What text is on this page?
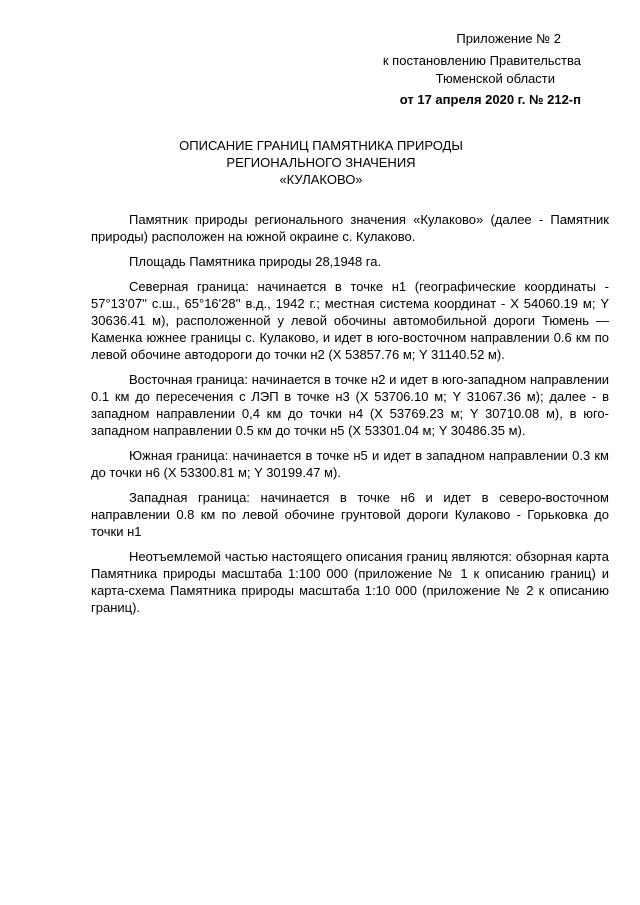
Приложение № 2
к постановлению Правительства
Тюменской области
от 17 апреля 2020 г. № 212-п
ОПИСАНИЕ ГРАНИЦ ПАМЯТНИКА ПРИРОДЫ
РЕГИОНАЛЬНОГО ЗНАЧЕНИЯ
«КУЛАКОВО»

Памятник природы регионального значения «Кулаково» (далее - Памятник природы) расположен на южной окраине с. Кулаково.

Площадь Памятника природы 28,1948 га.

Северная граница: начинается в точке н1 (географические координаты - 57°13'07'' с.ш., 65°16'28'' в.д., 1942 г.; местная система координат - X 54060.19 м; Y 30636.41 м), расположенной у левой обочины автомобильной дороги Тюмень — Каменка южнее границы с. Кулаково, и идет в юго-восточном направлении 0.6 км по левой обочине автодороги до точки н2 (X 53857.76 м; Y 31140.52 м).

Восточная граница: начинается в точке н2 и идет в юго-западном направлении 0.1 км до пересечения с ЛЭП в точке н3 (X 53706.10 м; Y 31067.36 м); далее - в западном направлении 0,4 км до точки н4 (X 53769.23 м; Y 30710.08 м), в юго-западном направлении 0.5 км до точки н5 (X 53301.04 м; Y 30486.35 м).

Южная граница: начинается в точке н5 и идет в западном направлении 0.3 км до точки н6 (X 53300.81 м; Y 30199.47 м).

Западная граница: начинается в точке н6 и идет в северо-восточном направлении 0.8 км по левой обочине грунтовой дороги Кулаково - Горьковка до точки н1

Неотъемлемой частью настоящего описания границ являются: обзорная карта Памятника природы масштаба 1:100 000 (приложение № 1 к описанию границ) и карта-схема Памятника природы масштаба 1:10 000 (приложение № 2 к описанию границ).
